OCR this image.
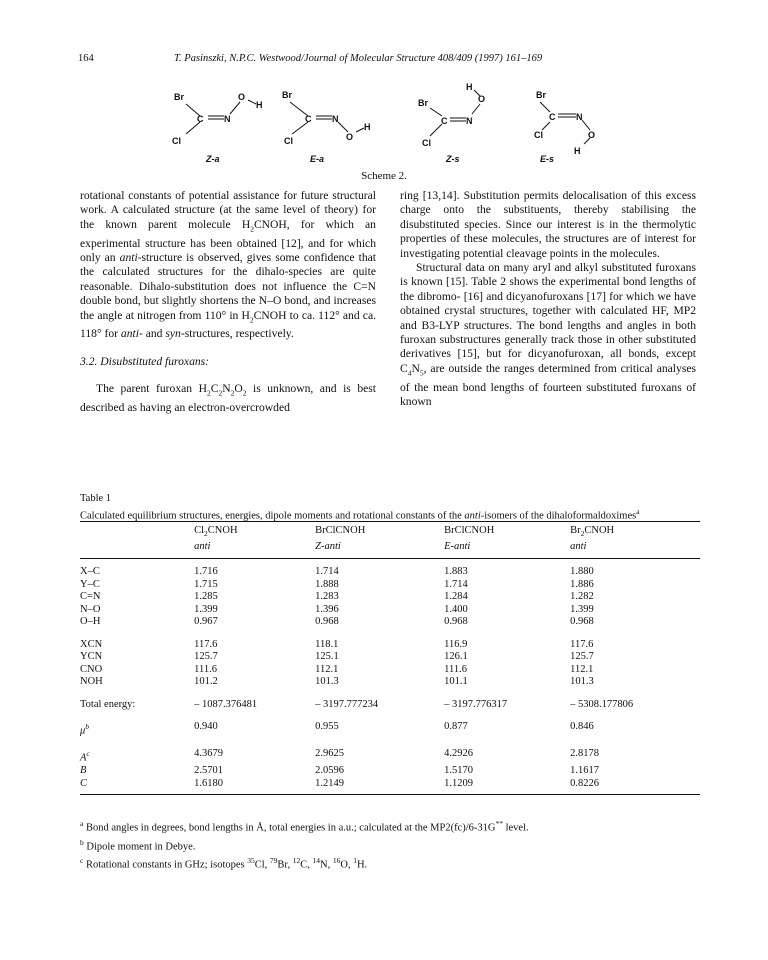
164	T. Pasinszki, N.P.C. Westwood/Journal of Molecular Structure 408/409 (1997) 161–169
Br
C N
O
H
Cl
Z-a
Br
C N
O
H
Cl
E-a
Br
C N
O
H
Cl
Z-s
Br
C N
O
H
Cl
E-s
Scheme 2.

rotational constants of potential assistance for future structural work. A calculated structure (at the same level of theory) for the known parent molecule $H_2CNOH$, for which an experimental structure has been obtained [12], and for which only an anti-structure is observed, gives some confidence that the calculated structures for the dihalo-species are quite reasonable. Dihalo-substitution does not influence the C=N double bond, but slightly shortens the N–O bond, and increases the angle at nitrogen from 110° in $H_2CNOH$ to ca. 112° and ca. 118° for anti- and syn-structures, respectively.

3.2. Disubstituted furoxans:

The parent furoxan $H_2C_2N_2O_2$ is unknown, and is best described as having an electron-overcrowded

ring [13,14]. Substitution permits delocalisation of this excess charge onto the substituents, thereby stabilising the disubstituted species. Since our interest is in the thermolytic properties of these molecules, the structures are of interest for investigating potential cleavage points in the molecules.

Structural data on many aryl and alkyl substituted furoxans is known [15]. Table 2 shows the experimental bond lengths of the dibromo- [16] and dicyanofuroxans [17] for which we have obtained crystal structures, together with calculated HF, MP2 and B3-LYP structures. The bond lengths and angles in both furoxan substructures generally track those in other substituted derivatives [15], but for dicyanofuroxan, all bonds, except $C_4N_5$, are outside the ranges determined from critical analyses of the mean bond lengths of fourteen substituted furoxans of known

Table 1
Calculated equilibrium structures, energies, dipole moments and rotational constants of the anti-isomers of the dihaloformaldoximes$^a$
	$Cl_2CNOH$	BrClCNOH	BrClCNOH	$Br_2CNOH$
	anti	Z-anti	E-anti	anti
X–C	1.716	1.714	1.883	1.880
Y–C	1.715	1.888	1.714	1.886
C=N	1.285	1.283	1.284	1.282
N–O	1.399	1.396	1.400	1.399
O–H	0.967	0.968	0.968	0.968
XCN	117.6	118.1	116.9	117.6
YCN	125.7	125.1	126.1	125.7
CNO	111.6	112.1	111.6	112.1
NOH	101.2	101.3	101.1	101.3
Total energy:	– 1087.376481	– 3197.777234	– 3197.776317	– 5308.177806
$\mu^b$	0.940	0.955	0.877	0.846
$A^c$	4.3679	2.9625	4.2926	2.8178
B	2.5701	2.0596	1.5170	1.1617
C	1.6180	1.2149	1.1209	0.8226

$^a$ Bond angles in degrees, bond lengths in Å, total energies in a.u.; calculated at the MP2(fc)/6-31G** level.

$^b$ Dipole moment in Debye.

$^c$ Rotational constants in GHz; isotopes $^{35}$Cl, $^{79}$Br, $^{12}$C, $^{14}$N, $^{16}$O, $^1$H.
